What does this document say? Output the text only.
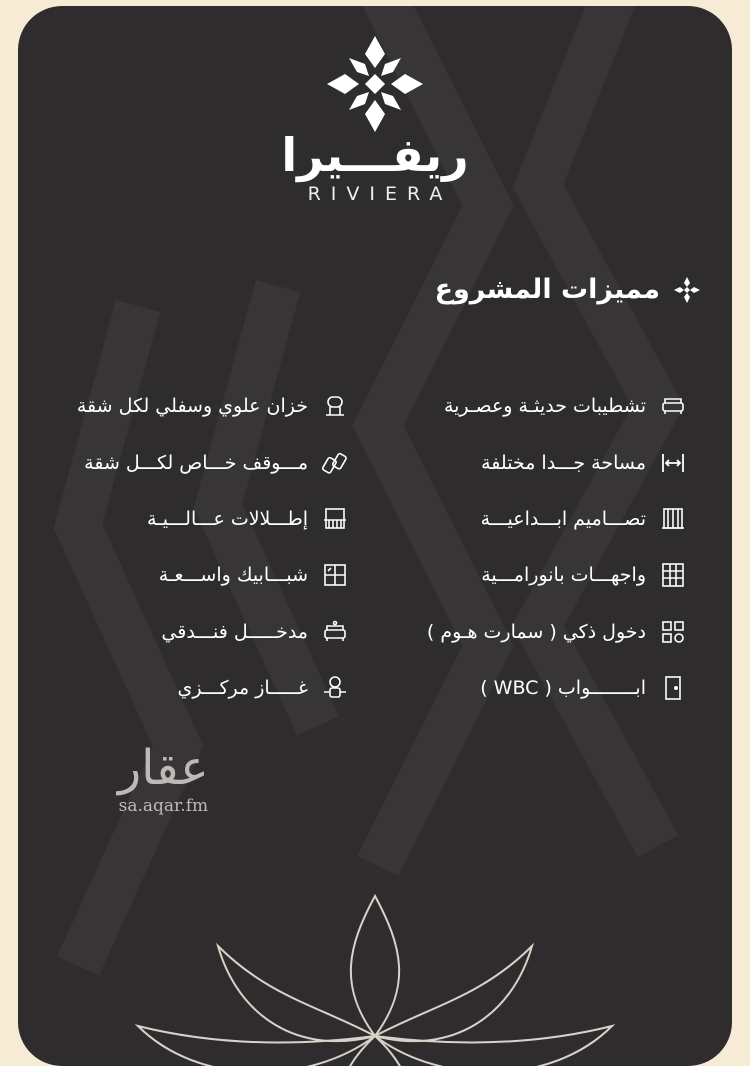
ريفـــيرا
RIVIERA
مميزات المشروع
تشطيبات حديثـة وعصـرية
مساحة جـــدا مختلفة
تصـــاميم ابـــداعيـــة
واجهـــات بانورامـــية
دخول ذكي ( سمارت هـوم )
ابــــــــواب ( WBC )
خزان علوي وسفلي لكل شقة
مـــوقف خـــاص لكـــل شقة
إطـــلالات عـــالـــيـة
شبـــابيك واســـعـة
مدخـــــل فنـــدقي
غـــــاز مركـــزي
عقار
sa.aqar.fm
